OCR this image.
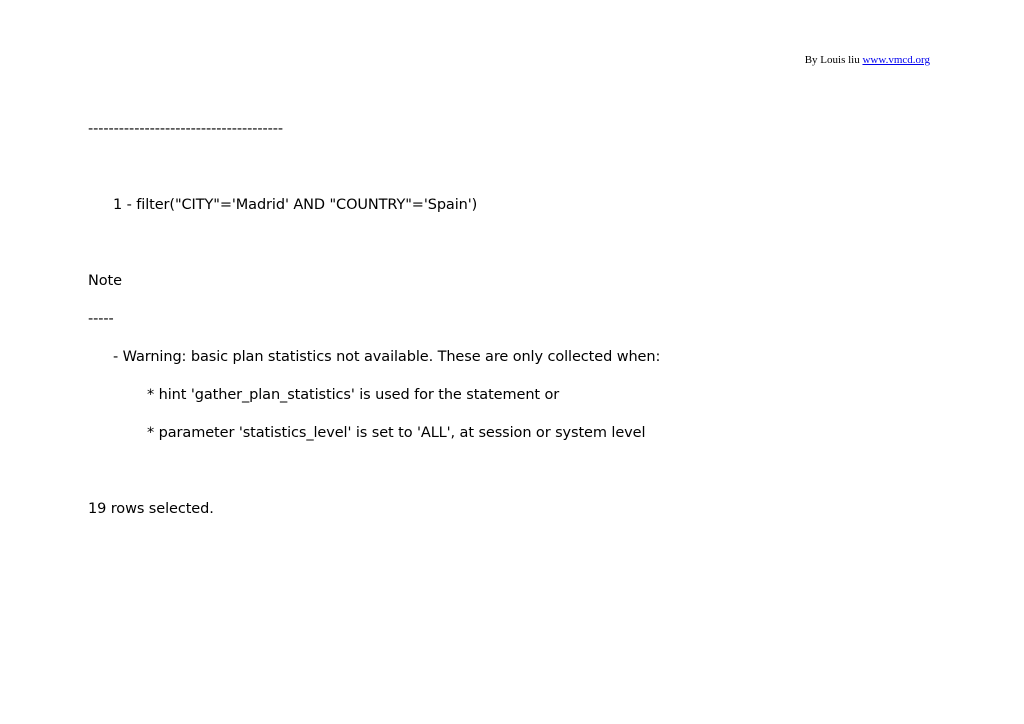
By Louis liu www.vmcd.org
--------------------------------------
1 - filter("CITY"='Madrid' AND "COUNTRY"='Spain')
Note
-----
- Warning: basic plan statistics not available. These are only collected when:
* hint 'gather_plan_statistics' is used for the statement or
* parameter 'statistics_level' is set to 'ALL', at session or system level
19 rows selected.
